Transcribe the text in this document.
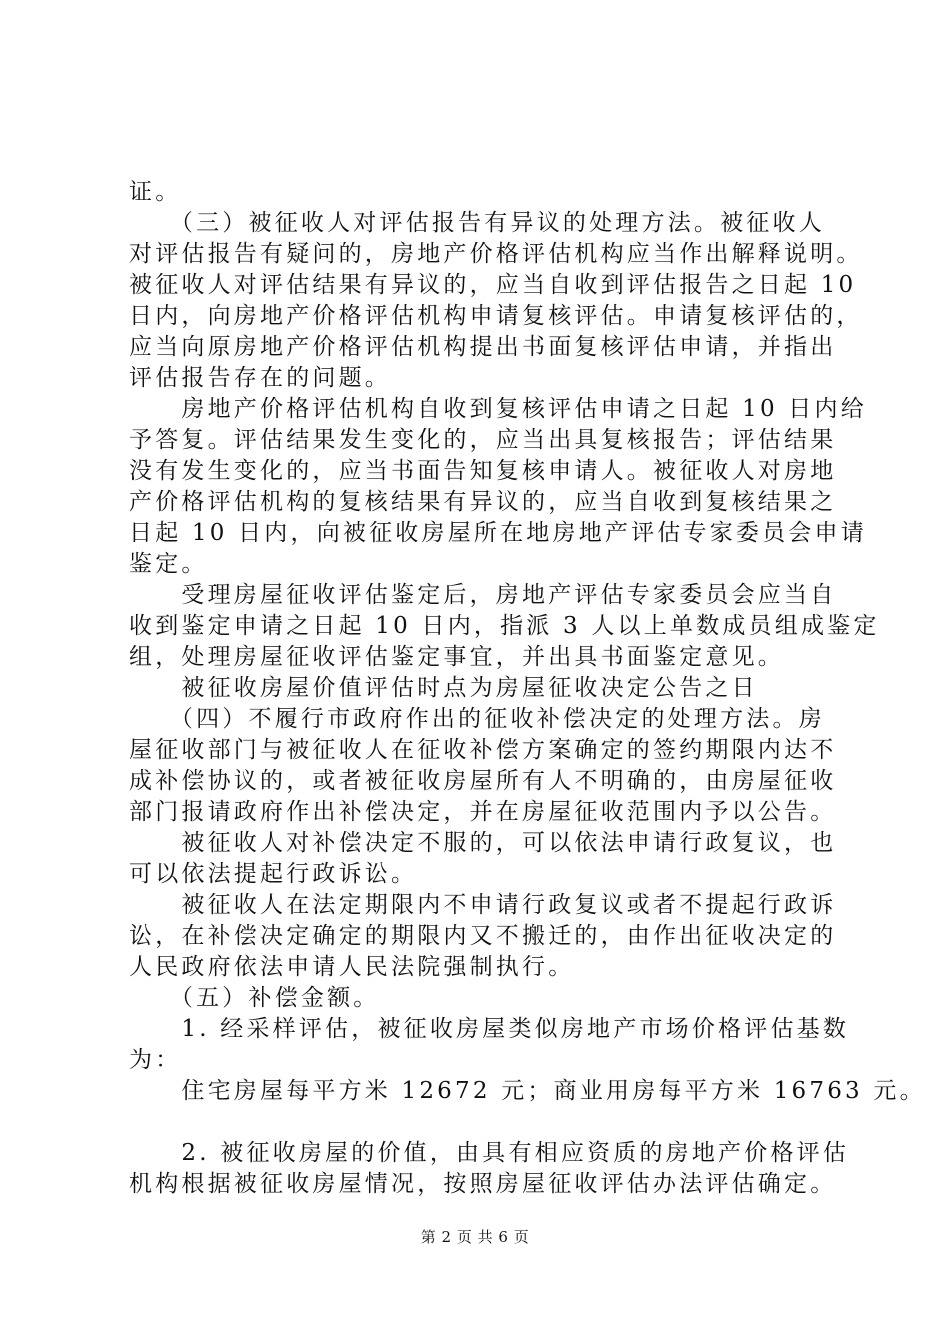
证。
　　（三）被征收人对评估报告有异议的处理方法。被征收人
对评估报告有疑问的，房地产价格评估机构应当作出解释说明。
被征收人对评估结果有异议的，应当自收到评估报告之日起 10
日内，向房地产价格评估机构申请复核评估。申请复核评估的，
应当向原房地产价格评估机构提出书面复核评估申请，并指出
评估报告存在的问题。
　　房地产价格评估机构自收到复核评估申请之日起 10 日内给
予答复。评估结果发生变化的，应当出具复核报告；评估结果
没有发生变化的，应当书面告知复核申请人。被征收人对房地
产价格评估机构的复核结果有异议的，应当自收到复核结果之
日起 10 日内，向被征收房屋所在地房地产评估专家委员会申请
鉴定。
　　受理房屋征收评估鉴定后，房地产评估专家委员会应当自
收到鉴定申请之日起 10 日内，指派 3 人以上单数成员组成鉴定
组，处理房屋征收评估鉴定事宜，并出具书面鉴定意见。
　　被征收房屋价值评估时点为房屋征收决定公告之日
　　（四）不履行市政府作出的征收补偿决定的处理方法。房
屋征收部门与被征收人在征收补偿方案确定的签约期限内达不
成补偿协议的，或者被征收房屋所有人不明确的，由房屋征收
部门报请政府作出补偿决定，并在房屋征收范围内予以公告。
　　被征收人对补偿决定不服的，可以依法申请行政复议，也
可以依法提起行政诉讼。
　　被征收人在法定期限内不申请行政复议或者不提起行政诉
讼，在补偿决定确定的期限内又不搬迁的，由作出征收决定的
人民政府依法申请人民法院强制执行。
　　（五）补偿金额。
　　1. 经采样评估，被征收房屋类似房地产市场价格评估基数
为：
　　住宅房屋每平方米 12672 元；商业用房每平方米 16763 元。
　　2. 被征收房屋的价值，由具有相应资质的房地产价格评估
机构根据被征收房屋情况，按照房屋征收评估办法评估确定。
第 2 页 共 6 页
